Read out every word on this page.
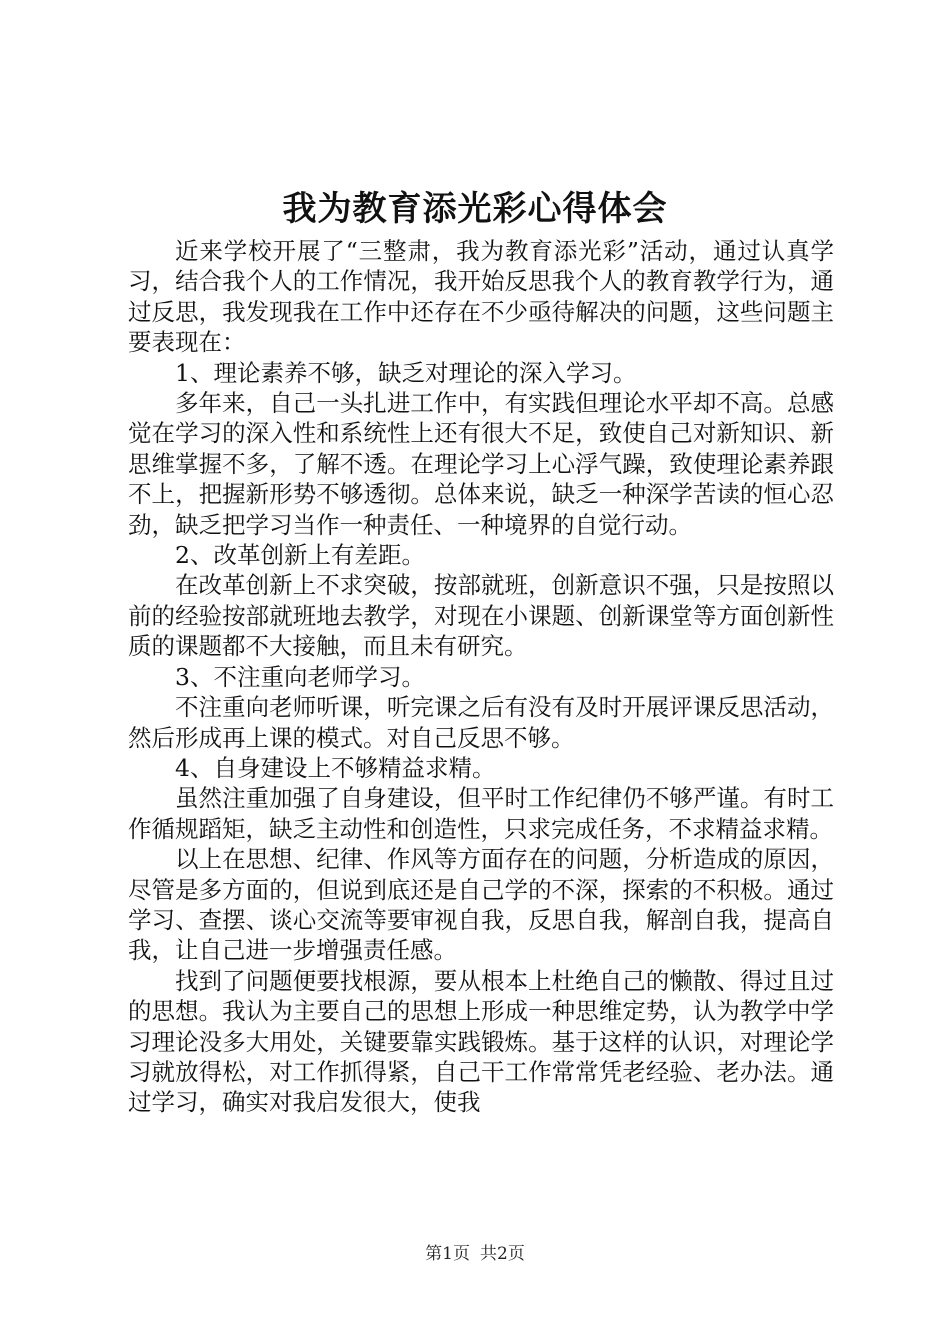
我为教育添光彩心得体会

近来学校开展了“三整肃，我为教育添光彩”活动，通过认真学习，结合我个人的工作情况，我开始反思我个人的教育教学行为，通过反思，我发现我在工作中还存在不少亟待解决的问题，这些问题主要表现在：

1、理论素养不够，缺乏对理论的深入学习。

多年来，自己一头扎进工作中，有实践但理论水平却不高。总感觉在学习的深入性和系统性上还有很大不足，致使自己对新知识、新思维掌握不多，了解不透。在理论学习上心浮气躁，致使理论素养跟不上，把握新形势不够透彻。总体来说，缺乏一种深学苦读的恒心忍劲，缺乏把学习当作一种责任、一种境界的自觉行动。

2、改革创新上有差距。

在改革创新上不求突破，按部就班，创新意识不强，只是按照以前的经验按部就班地去教学，对现在小课题、创新课堂等方面创新性质的课题都不大接触，而且未有研究。

3、不注重向老师学习。

不注重向老师听课，听完课之后有没有及时开展评课反思活动，然后形成再上课的模式。对自己反思不够。

4、自身建设上不够精益求精。

虽然注重加强了自身建设，但平时工作纪律仍不够严谨。有时工作循规蹈矩，缺乏主动性和创造性，只求完成任务，不求精益求精。

以上在思想、纪律、作风等方面存在的问题，分析造成的原因，尽管是多方面的，但说到底还是自己学的不深，探索的不积极。通过学习、查摆、谈心交流等要审视自我，反思自我，解剖自我，提高自我，让自己进一步增强责任感。

找到了问题便要找根源，要从根本上杜绝自己的懒散、得过且过的思想。我认为主要自己的思想上形成一种思维定势，认为教学中学习理论没多大用处，关键要靠实践锻炼。基于这样的认识，对理论学习就放得松，对工作抓得紧，自己干工作常常凭老经验、老办法。通过学习，确实对我启发很大，使我

第1页 共2页
